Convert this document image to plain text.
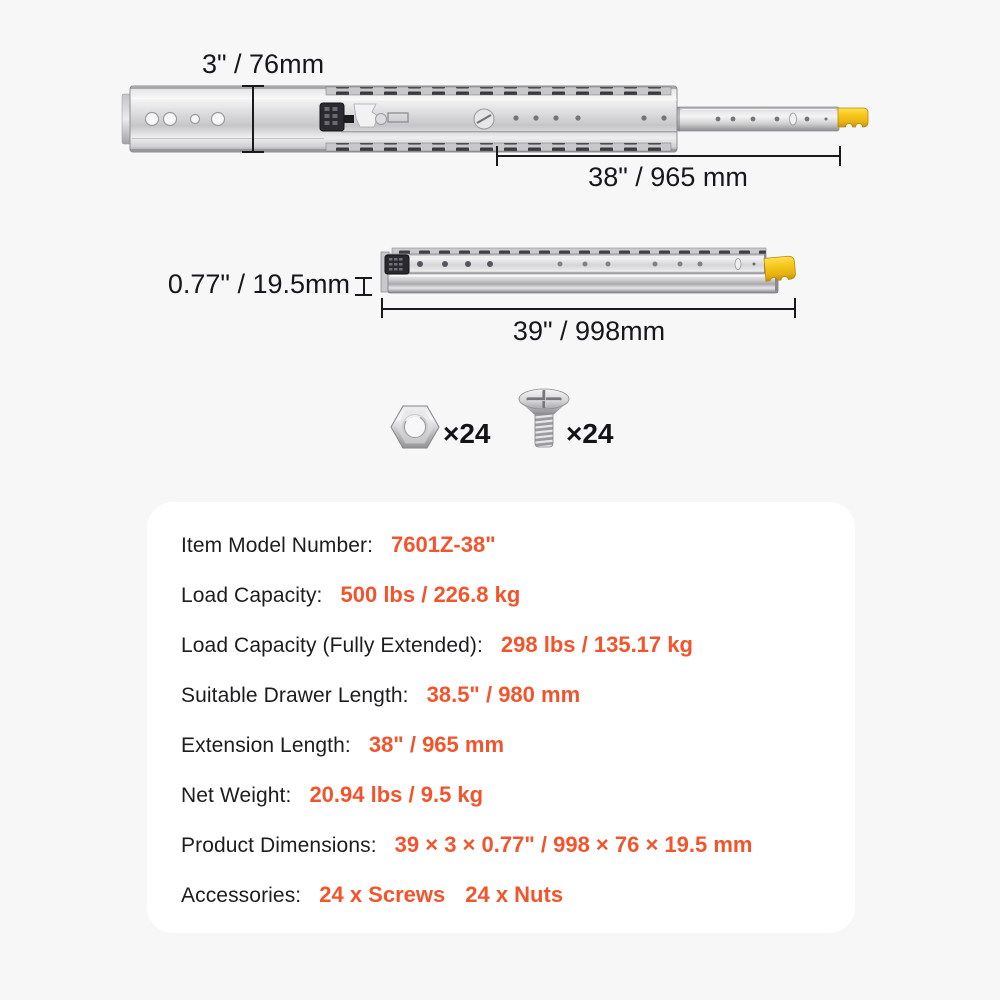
3" / 76mm
38" / 965 mm
0.77" / 19.5mm
39" / 998mm
×24	×24
Item Model Number: 7601Z-38"
Load Capacity: 500 lbs / 226.8 kg
Load Capacity (Fully Extended): 298 lbs / 135.17 kg
Suitable Drawer Length: 38.5" / 980 mm
Extension Length: 38" / 965 mm
Net Weight: 20.94 lbs / 9.5 kg
Product Dimensions: 39 × 3 × 0.77" / 998 × 76 × 19.5 mm
Accessories: 24 x Screws 24 x Nuts
